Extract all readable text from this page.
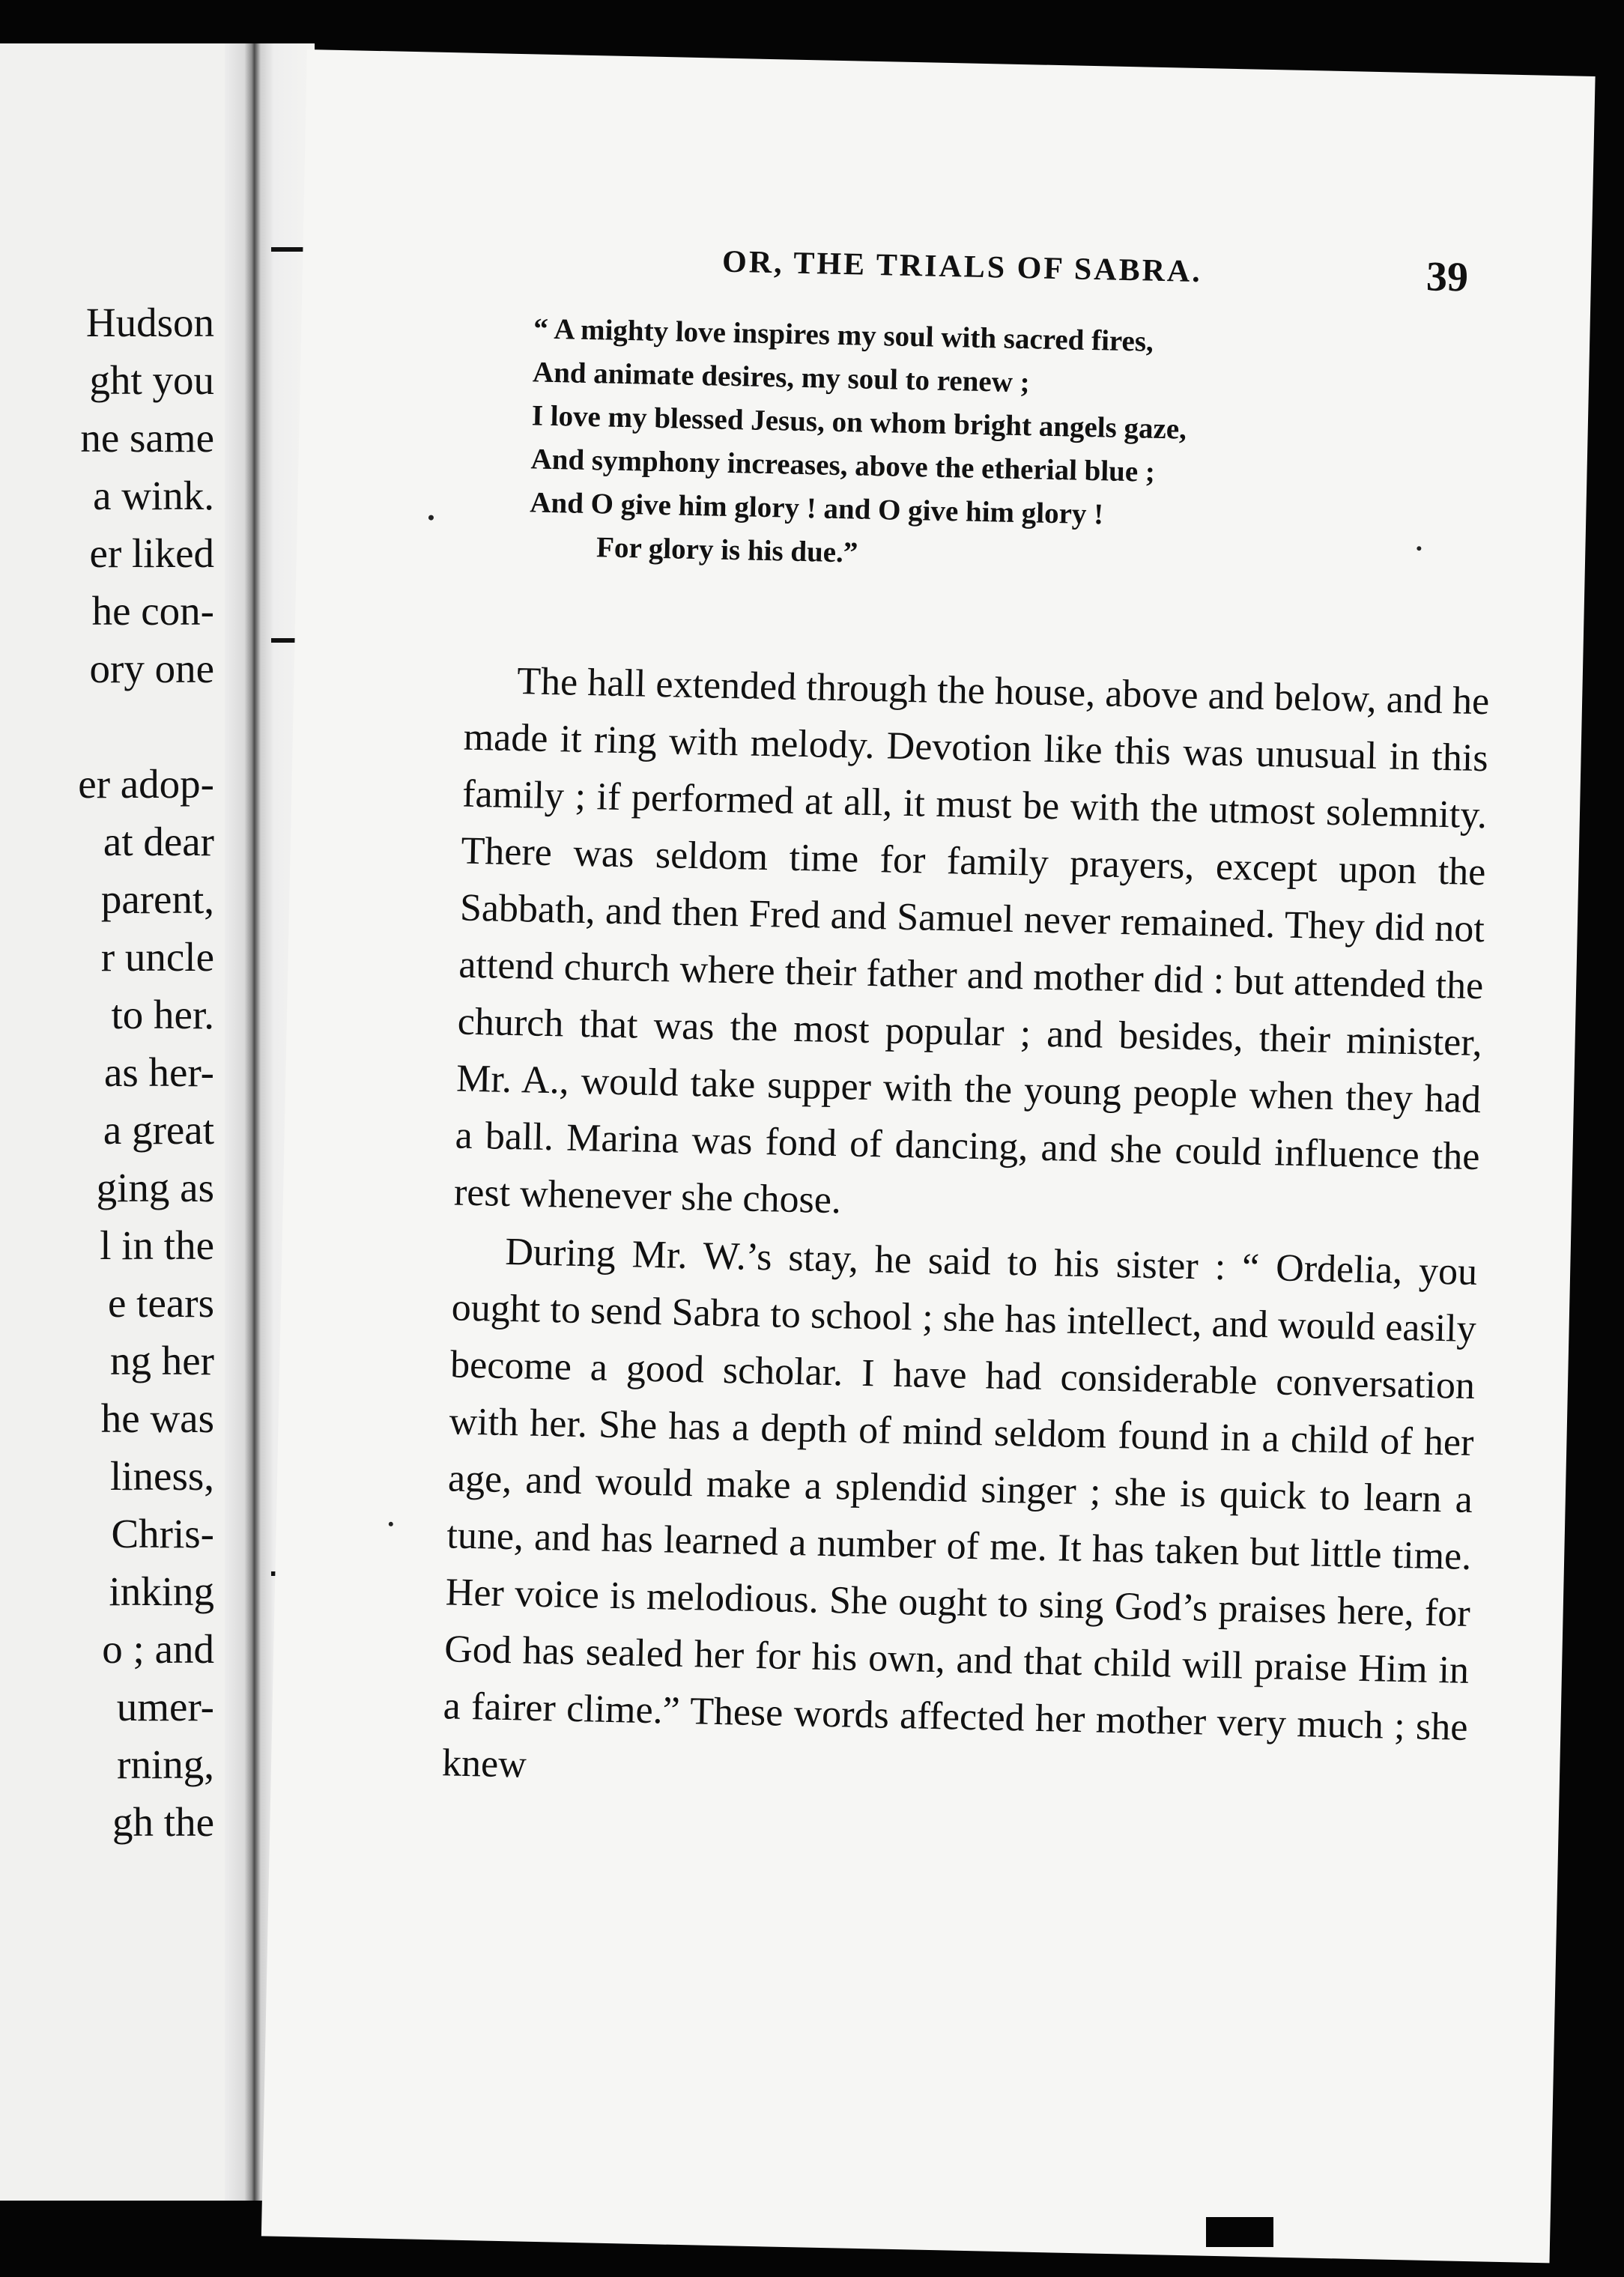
Hudson
ght you
ne same
a wink.
er liked
he con-
ory one
er adop-
at dear
parent,
r uncle
to her.
as her-
a great
ging as
l in the
e tears
ng her
he was
liness,
Chris-
inking
o ; and
umer-
rning,
gh the
OR, THE TRIALS OF SABRA.	39
“ A mighty love inspires my soul with sacred fires,
And animate desires, my soul to renew ;
I love my blessed Jesus, on whom bright angels gaze,
And symphony increases, above the etherial blue ;
And O give him glory ! and O give him glory !
For glory is his due.”

The hall extended through the house, above and below, and he made it ring with melody. Devotion like this was unusual in this family ; if performed at all, it must be with the utmost solemnity. There was seldom time for family prayers, except upon the Sabbath, and then Fred and Samuel never remained. They did not attend church where their father and mother did : but attended the church that was the most popular ; and besides, their minister, Mr. A., would take supper with the young people when they had a ball. Marina was fond of dancing, and she could influence the rest whenever she chose.

During Mr. W.’s stay, he said to his sister : “ Ordelia, you ought to send Sabra to school ; she has intellect, and would easily become a good scholar. I have had considerable conversation with her. She has a depth of mind seldom found in a child of her age, and would make a splendid singer ; she is quick to learn a tune, and has learned a number of me. It has taken but little time. Her voice is melodious. She ought to sing God’s praises here, for God has sealed her for his own, and that child will praise Him in a fairer clime.” These words affected her mother very much ; she knew
